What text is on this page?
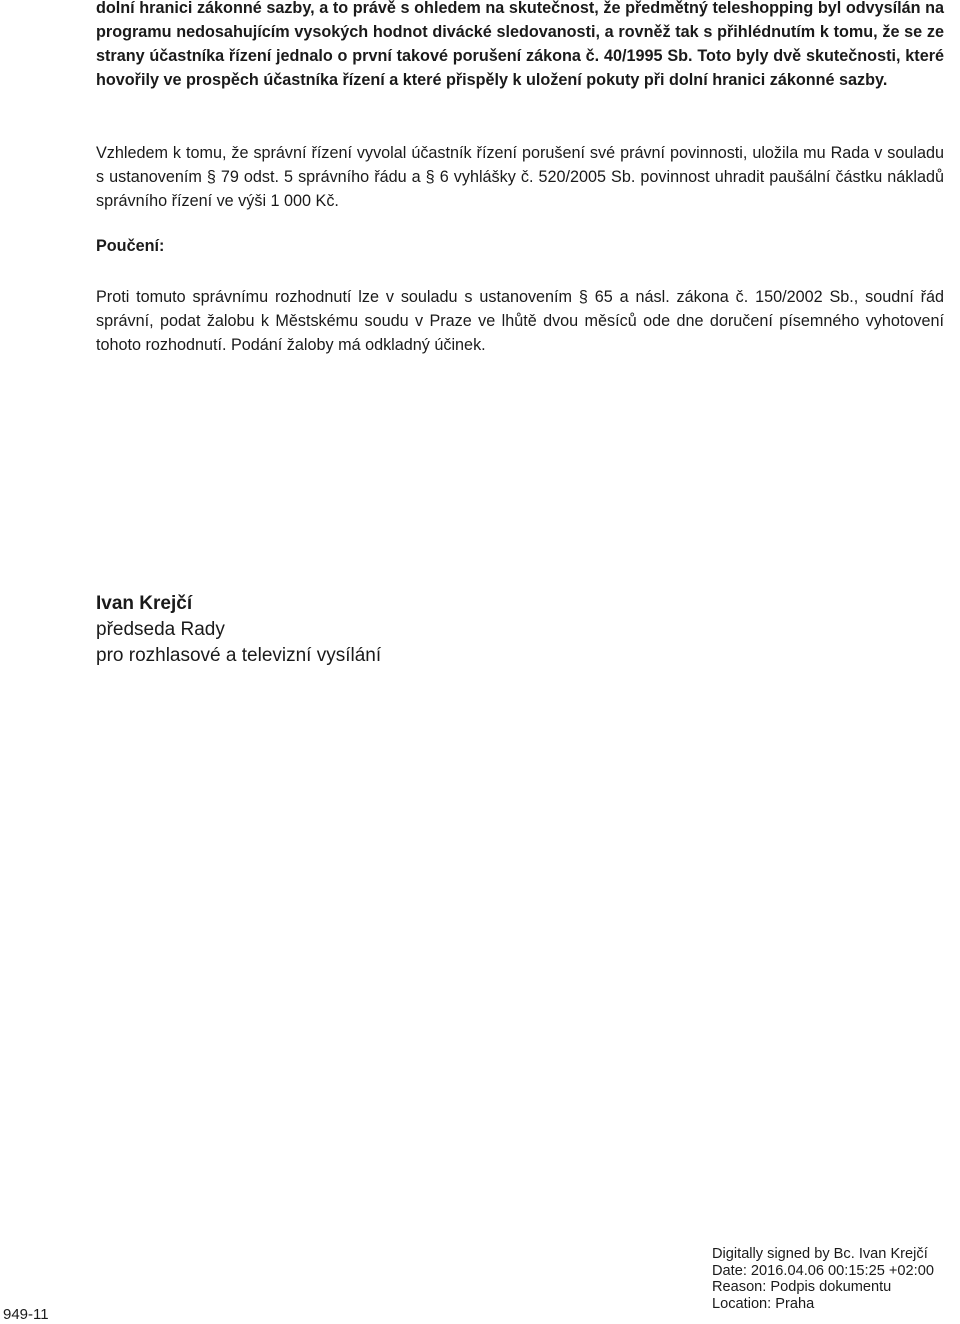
dolní hranici zákonné sazby, a to právě s ohledem na skutečnost, že předmětný teleshopping byl odvysílán na programu nedosahujícím vysokých hodnot divácké sledovanosti, a rovněž tak s přihlédnutím k tomu, že se ze strany účastníka řízení jednalo o první takové porušení zákona č. 40/1995 Sb. Toto byly dvě skutečnosti, které hovořily ve prospěch účastníka řízení a které přispěly k uložení pokuty při dolní hranici zákonné sazby.

Vzhledem k tomu, že správní řízení vyvolal účastník řízení porušení své právní povinnosti, uložila mu Rada v souladu s ustanovením § 79 odst. 5 správního řádu a § 6 vyhlášky č. 520/2005 Sb. povinnost uhradit paušální částku nákladů správního řízení ve výši 1 000 Kč.

Poučení:

Proti tomuto správnímu rozhodnutí lze v souladu s ustanovením § 65 a násl. zákona č. 150/2002 Sb., soudní řád správní, podat žalobu k Městskému soudu v Praze ve lhůtě dvou měsíců ode dne doručení písemného vyhotovení tohoto rozhodnutí. Podání žaloby má odkladný účinek.

Ivan Krejčí
předseda Rady
pro rozhlasové a televizní vysílání
949-11
Digitally signed by Bc. Ivan Krejčí
Date: 2016.04.06 00:15:25 +02:00
Reason: Podpis dokumentu
Location: Praha
